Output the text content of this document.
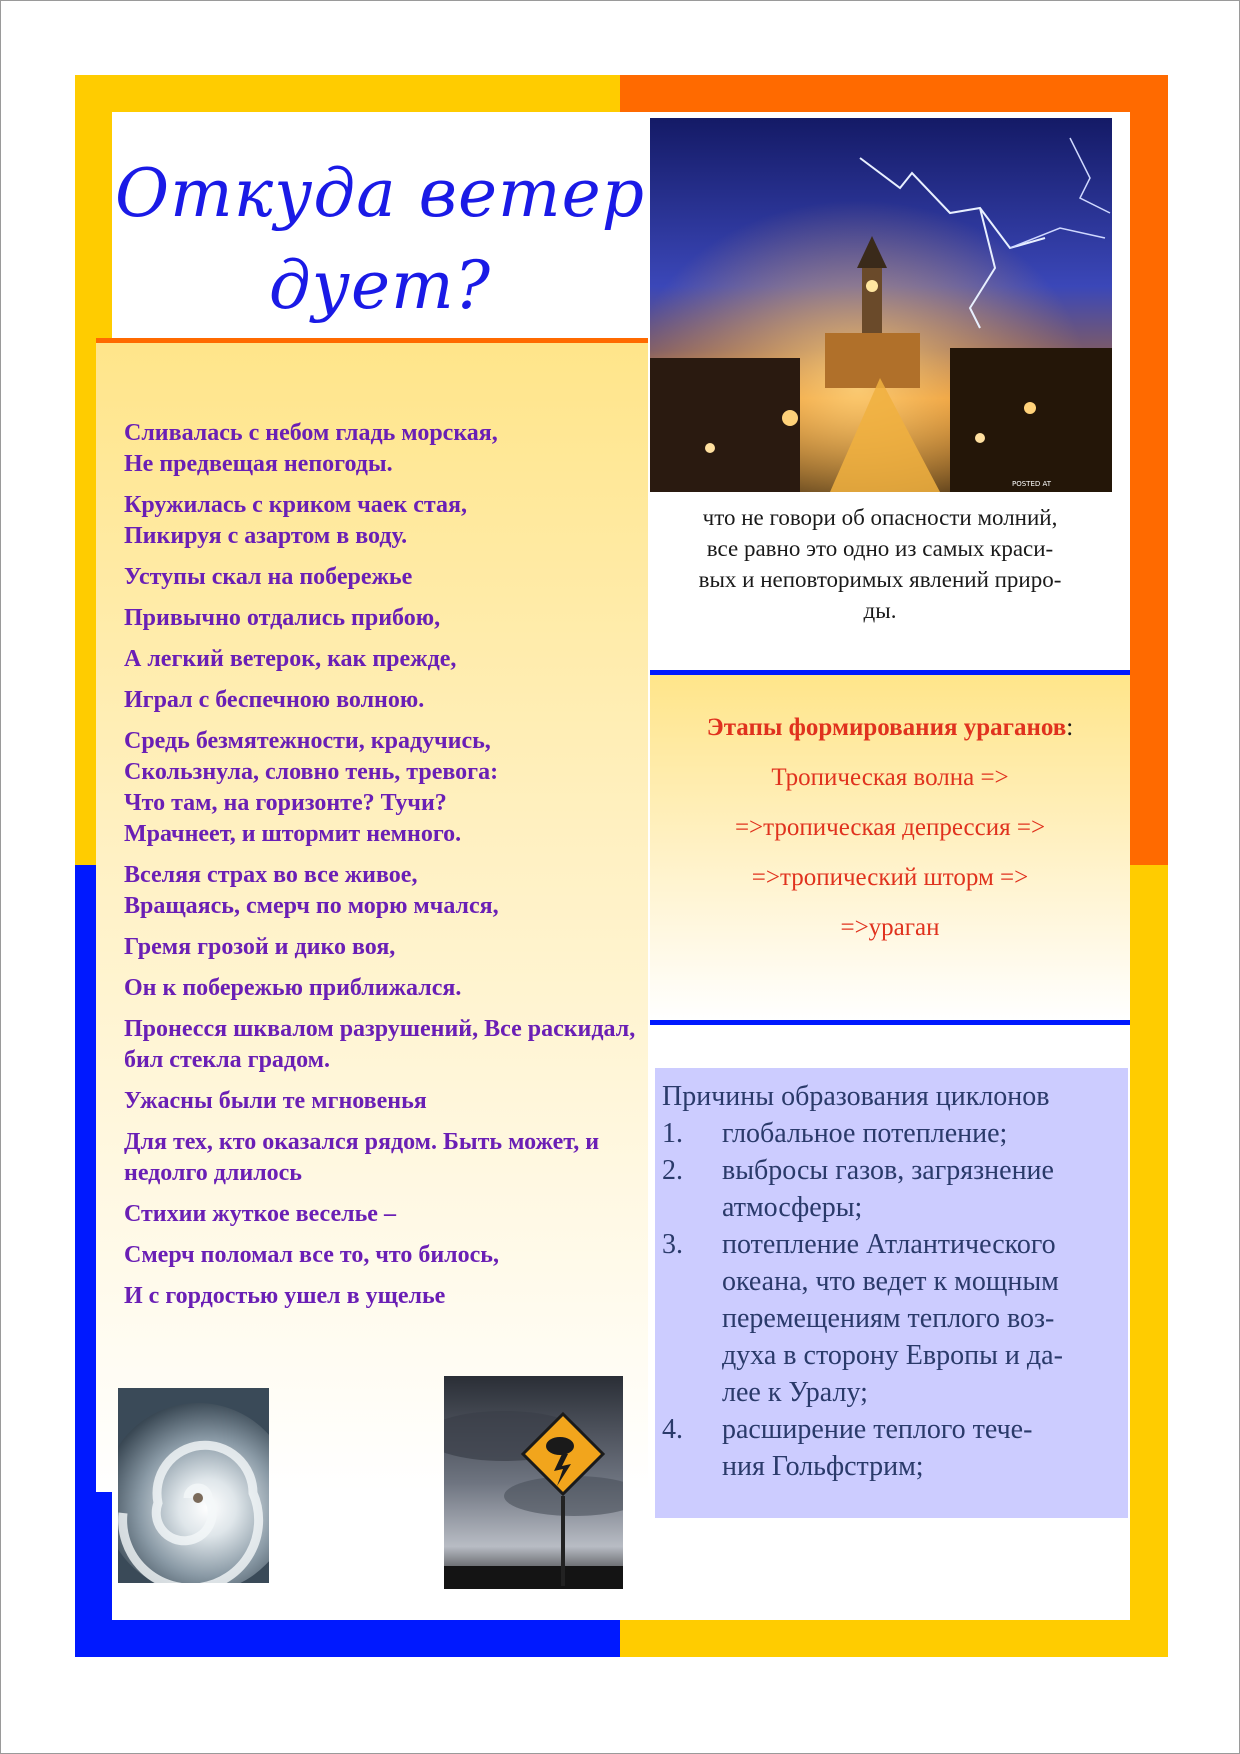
Откуда ветер дует?
Сливалась с небом гладь морская,
Не предвещая непогоды.
Кружилась с криком чаек стая,
Пикируя с азартом в воду.
Уступы скал на побережье
Привычно отдались прибою,
А легкий ветерок, как прежде,
Играл с беспечною волною.
Средь безмятежности, крадучись,
Скользнула, словно тень, тревога:
Что там, на горизонте? Тучи?
Мрачнеет, и штормит немного.
Вселяя страх во все живое,
Вращаясь, смерч по морю мчался,
Гремя грозой и дико воя,
Он к побережью приближался.
Пронесся шквалом разрушений, Все раскидал, бил стекла градом.
Ужасны были те мгновенья
Для тех, кто оказался рядом. Быть может, и недолго длилось
Стихии жуткое веселье –
Смерч поломал все то, что билось,
И с гордостью ушел в ущелье
POSTED AT
что не говори об опасности молний,
все равно это одно из самых краси-
вых и неповторимых явлений приро-
ды.
Этапы формирования ураганов:
Тропическая волна =>
=>тропическая депрессия =>
=>тропический шторм =>
=>ураган
Причины образования циклонов
1.	глобальное потепление;
2.	выбросы газов, загрязнение
атмосферы;
3.	потепление Атлантического
океана, что ведет к мощным
перемещениям теплого воз-
духа в сторону Европы и да-
лее к Уралу;
4.	расширение теплого тече-
ния Гольфстрим;
